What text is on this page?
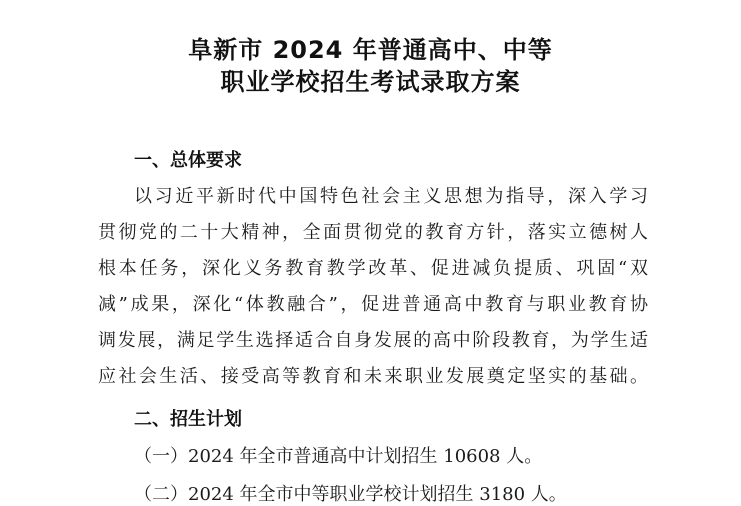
阜新市 2024 年普通高中、中等
职业学校招生考试录取方案
一、总体要求
以习近平新时代中国特色社会主义思想为指导，深入学习
贯彻党的二十大精神，全面贯彻党的教育方针，落实立德树人
根本任务，深化义务教育教学改革、促进减负提质、巩固“双
减”成果，深化“体教融合”，促进普通高中教育与职业教育协
调发展，满足学生选择适合自身发展的高中阶段教育，为学生适
应社会生活、接受高等教育和未来职业发展奠定坚实的基础。
二、招生计划
（一）2024 年全市普通高中计划招生 10608 人。
（二）2024 年全市中等职业学校计划招生 3180 人。
